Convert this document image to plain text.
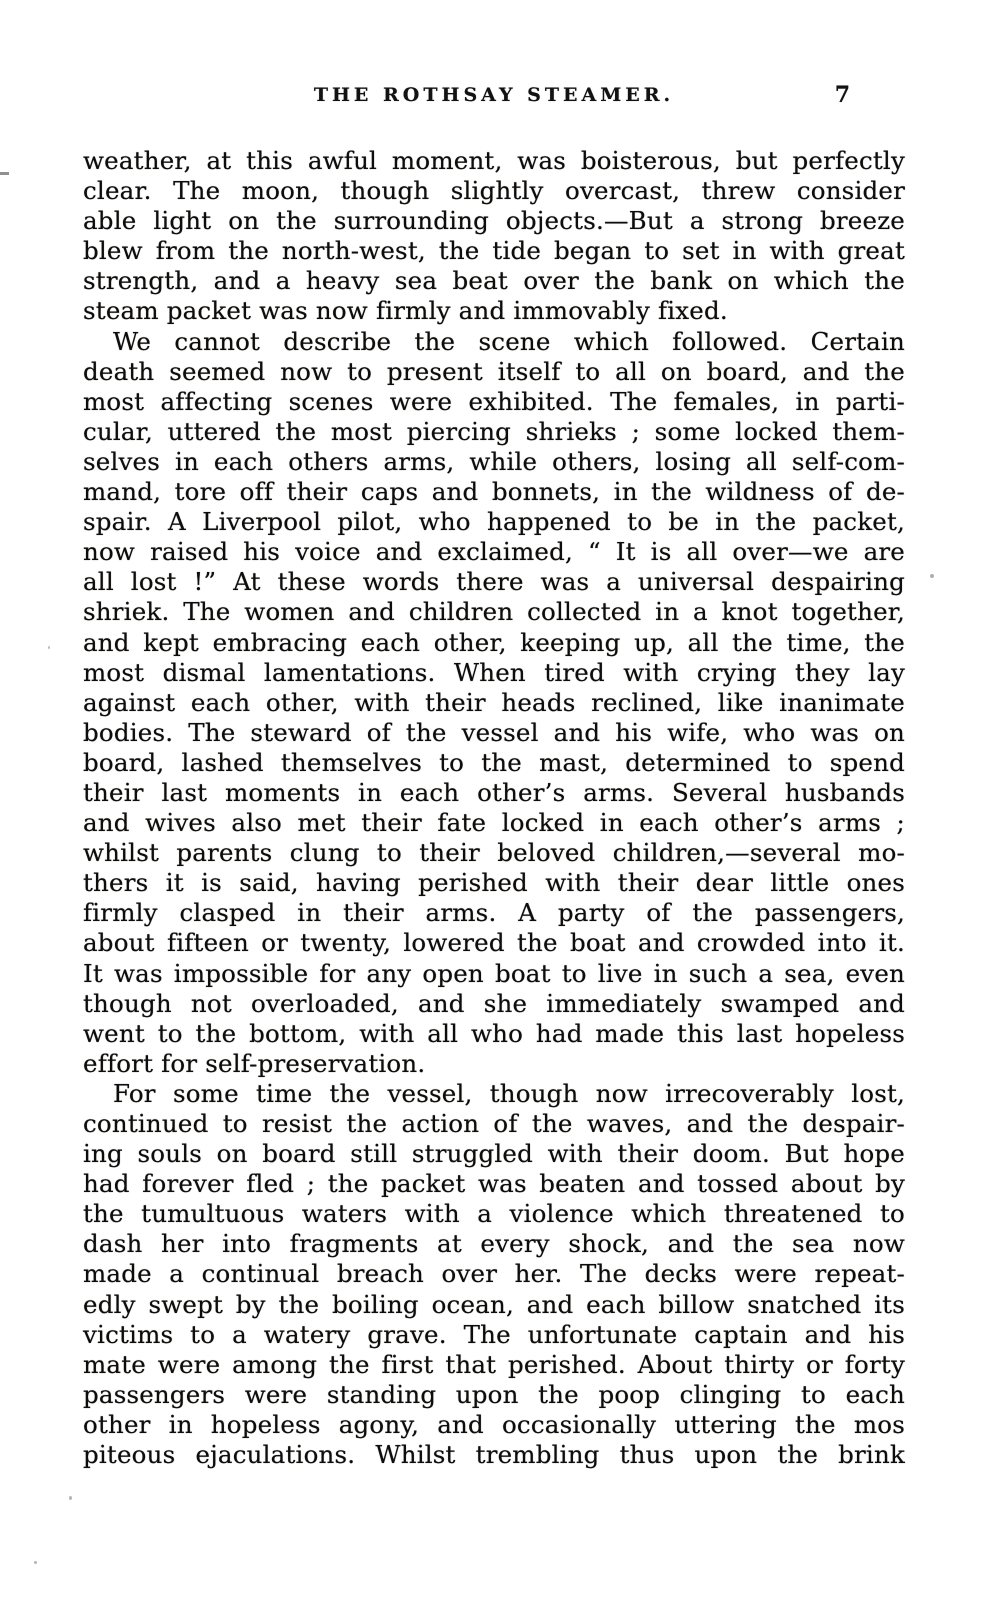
THE ROTHSAY STEAMER.	7
weather, at this awful moment, was boisterous, but perfectly
clear. The moon, though slightly overcast, threw consider
able light on the surrounding objects.—But a strong breeze
blew from the north-west, the tide began to set in with great
strength, and a heavy sea beat over the bank on which the
steam packet was now firmly and immovably fixed.
We cannot describe the scene which followed. Certain
death seemed now to present itself to all on board, and the
most affecting scenes were exhibited. The females, in parti-
cular, uttered the most piercing shrieks ; some locked them-
selves in each others arms, while others, losing all self-com-
mand, tore off their caps and bonnets, in the wildness of de-
spair. A Liverpool pilot, who happened to be in the packet,
now raised his voice and exclaimed, “ It is all over—we are
all lost !” At these words there was a universal despairing
shriek. The women and children collected in a knot together,
and kept embracing each other, keeping up, all the time, the
most dismal lamentations. When tired with crying they lay
against each other, with their heads reclined, like inanimate
bodies. The steward of the vessel and his wife, who was on
board, lashed themselves to the mast, determined to spend
their last moments in each other’s arms. Several husbands
and wives also met their fate locked in each other’s arms ;
whilst parents clung to their beloved children,—several mo-
thers it is said, having perished with their dear little ones
firmly clasped in their arms. A party of the passengers,
about fifteen or twenty, lowered the boat and crowded into it.
It was impossible for any open boat to live in such a sea, even
though not overloaded, and she immediately swamped and
went to the bottom, with all who had made this last hopeless
effort for self-preservation.
For some time the vessel, though now irrecoverably lost,
continued to resist the action of the waves, and the despair-
ing souls on board still struggled with their doom. But hope
had forever fled ; the packet was beaten and tossed about by
the tumultuous waters with a violence which threatened to
dash her into fragments at every shock, and the sea now
made a continual breach over her. The decks were repeat-
edly swept by the boiling ocean, and each billow snatched its
victims to a watery grave. The unfortunate captain and his
mate were among the first that perished. About thirty or forty
passengers were standing upon the poop clinging to each
other in hopeless agony, and occasionally uttering the mos
piteous ejaculations. Whilst trembling thus upon the brink
